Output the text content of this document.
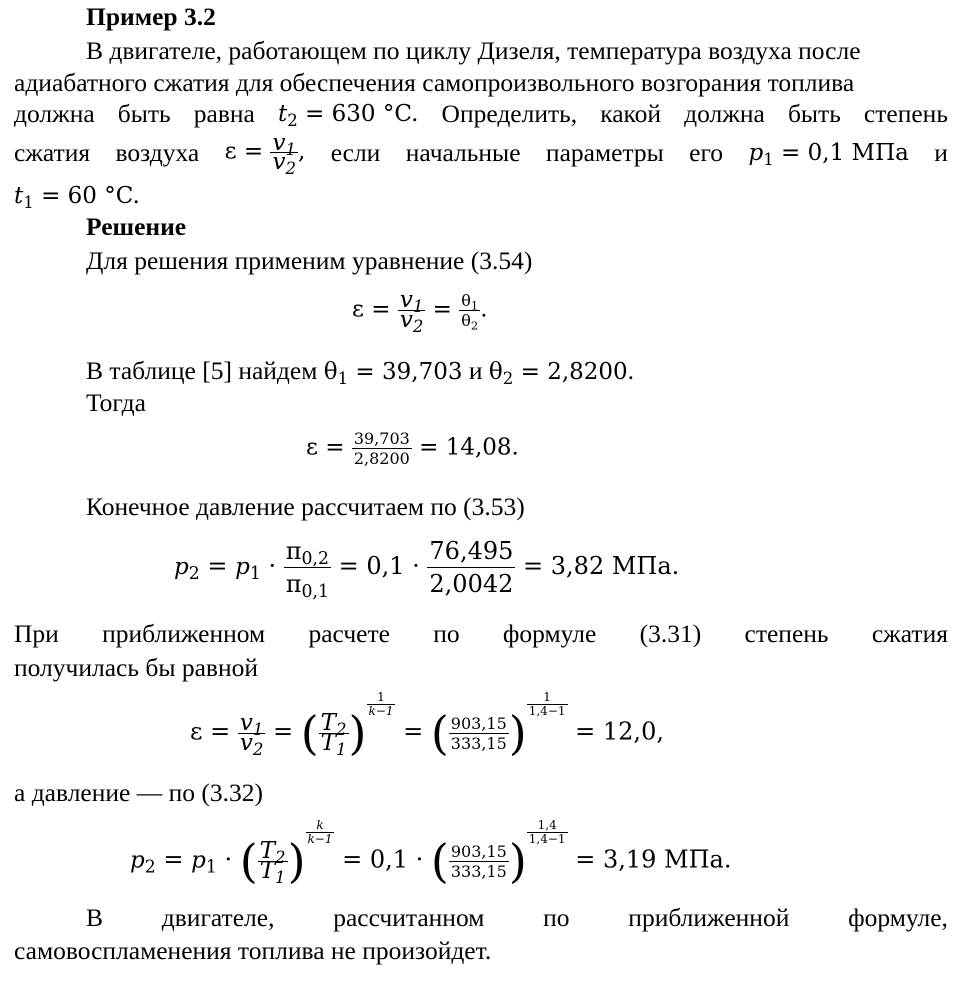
Пример 3.2
В двигателе, работающем по циклу Дизеля, температура воздуха после
адиабатного сжатия для обеспечения самопроизвольного возгорания топлива
должна быть равна $t_2 = 630$ °C. Определить, какой должна быть степень
сжатия воздуха $\varepsilon = \frac{v_1}{v_2}$ , если начальные параметры его $p_1 = 0,1$ МПа и
$t_1 = 60$ °C.
Решение
Для решения применим уравнение (3.54)
$\varepsilon = \frac{v_1}{v_2} = \frac{\theta_1}{\theta_2}$ .
В таблице [5] найдем $\theta_1 = 39,703$ и $\theta_2 = 2,8200$.
Тогда
$\varepsilon = \frac{39,703}{2,8200} = 14,08$.
Конечное давление рассчитаем по (3.53)
$p_2 = p_1 \cdot \frac{\pi_{0,2}}{\pi_{0,1}} = 0,1 \cdot \frac{76,495}{2,0042} = 3,82$ МПа.
При приближенном расчете по формуле (3.31) степень сжатия
получилась бы равной
$\varepsilon = \frac{v_1}{v_2}$ = ( $\frac{T_2}{T_1}$ )
$\frac{1}{k-1}$
= ( $\frac{903,15}{333,15}$ )
$\frac{1}{1,4-1}$
= 12,0,
а давление — по (3.32)
$p_2 = p_1$ · ( $\frac{T_2}{T_1}$ )
$\frac{k}{k-1}$
= 0,1 · ( $\frac{903,15}{333,15}$ )
$\frac{1,4}{1,4-1}$
= 3,19 МПа.
В двигателе, рассчитанном по приближенной формуле,
самовоспламенения топлива не произойдет.
